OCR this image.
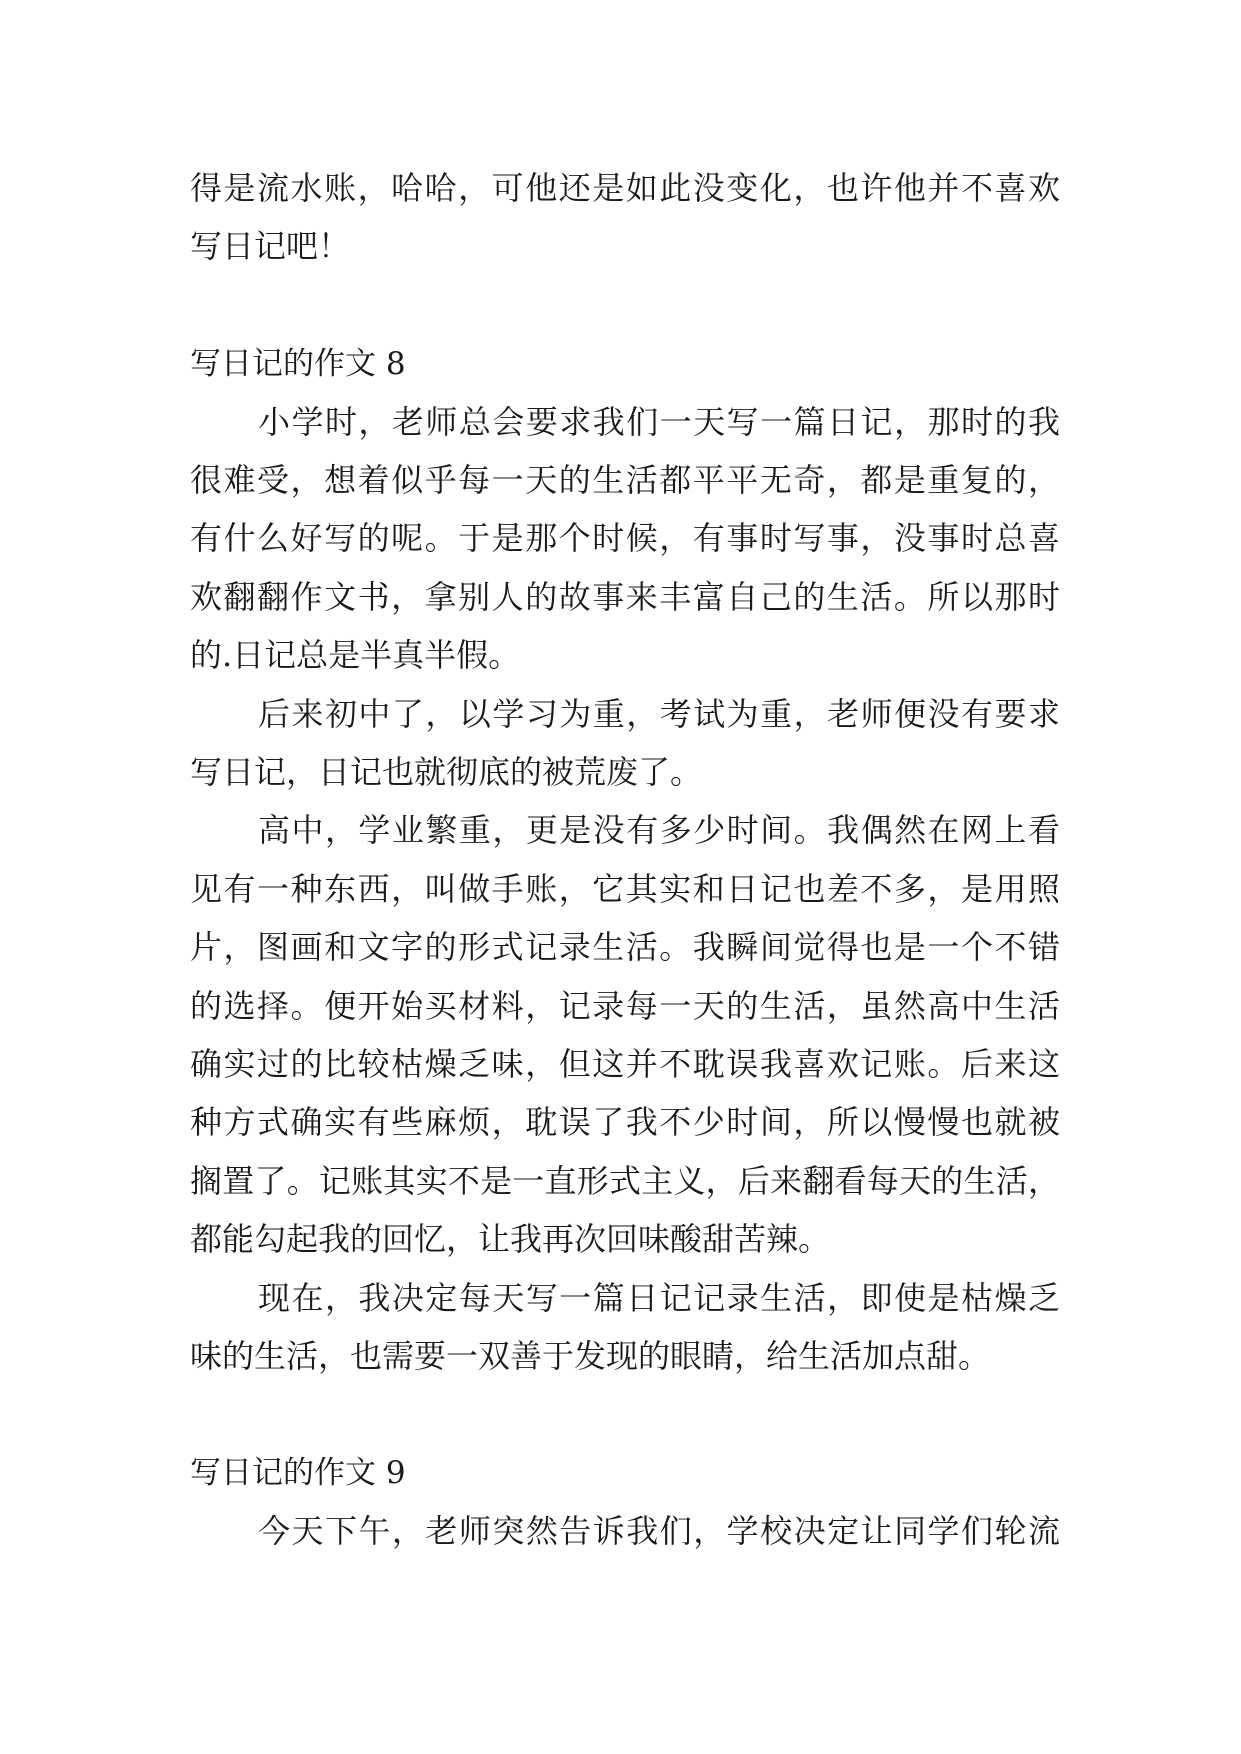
得是流水账，哈哈，可他还是如此没变化，也许他并不喜欢
写日记吧！
写日记的作文 8
小学时，老师总会要求我们一天写一篇日记，那时的我
很难受，想着似乎每一天的生活都平平无奇，都是重复的，
有什么好写的呢。于是那个时候，有事时写事，没事时总喜
欢翻翻作文书，拿别人的故事来丰富自己的生活。所以那时
的.日记总是半真半假。
后来初中了，以学习为重，考试为重，老师便没有要求
写日记，日记也就彻底的被荒废了。
高中，学业繁重，更是没有多少时间。我偶然在网上看
见有一种东西，叫做手账，它其实和日记也差不多，是用照
片，图画和文字的形式记录生活。我瞬间觉得也是一个不错
的选择。便开始买材料，记录每一天的生活，虽然高中生活
确实过的比较枯燥乏味，但这并不耽误我喜欢记账。后来这
种方式确实有些麻烦，耽误了我不少时间，所以慢慢也就被
搁置了。记账其实不是一直形式主义，后来翻看每天的生活，
都能勾起我的回忆，让我再次回味酸甜苦辣。
现在，我决定每天写一篇日记记录生活，即使是枯燥乏
味的生活，也需要一双善于发现的眼睛，给生活加点甜。
写日记的作文 9
今天下午，老师突然告诉我们，学校决定让同学们轮流
